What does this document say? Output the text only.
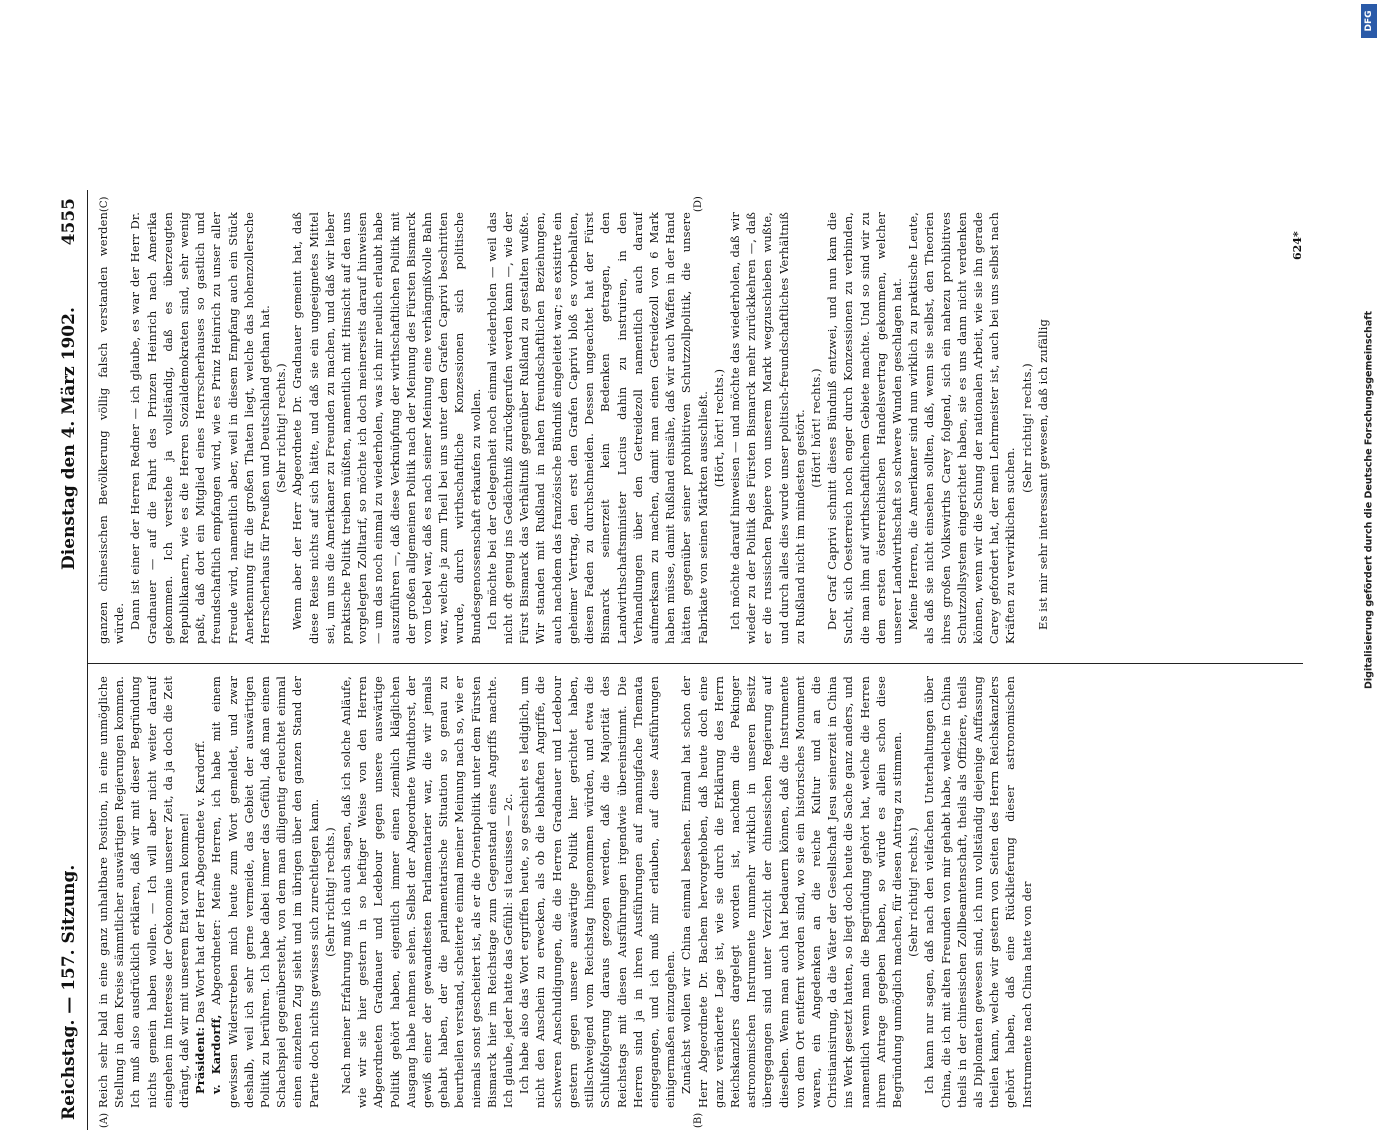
Reichstag. — 157. Sitzung.
Dienstag den 4. März 1902.
4555
(A)	(B)
(C)	(D)

Reich sehr bald in eine ganz unhaltbare Position, in eine unmögliche Stellung in dem Kreise sämmtlicher auswärtigen Regierungen kommen. Ich muß also ausdrücklich erklären, daß wir mit dieser Begründung nichts gemein haben wollen. — Ich will aber nicht weiter darauf eingehen im Interesse der Oekonomie unserer Zeit, da ja doch die Zeit drängt, daß wir mit unserem Etat voran kommen! Präsident: Das Wort hat der Herr Abgeordnete v. Kardorff.

v. Kardorff, Abgeordneter: Meine Herren, ich habe mit einem gewissen Widerstreben mich heute zum Wort gemeldet, und zwar deshalb, weil ich sehr gerne vermeide, das Gebiet der auswärtigen Politik zu berühren. Ich habe dabei immer das Gefühl, daß man einem Schachspiel gegenübersteht, von dem man diligentig erleuchtet einmal einen einzelnen Zug sieht und im übrigen über den ganzen Stand der Partie doch nichts gewisses sich zurechtlegen kann. (Sehr richtig! rechts.) Nach meiner Erfahrung muß ich auch sagen, daß ich solche Anläufe, wie wir sie hier gestern in so heftiger Weise von den Herren Abgeordneten Gradnauer und Ledebour gegen unsere auswärtige Politik gehört haben, eigentlich immer einen ziemlich kläglichen Ausgang habe nehmen sehen. Selbst der Abgeordnete Windthorst, der gewiß einer der gewandtesten Parlamentarier war, die wir jemals gehabt haben, der die parlamentarische Situation so genau zu beurtheilen verstand, scheiterte einmal meiner Meinung nach so, wie er niemals sonst gescheitert ist, als er die Orientpolitik unter dem Fürsten Bismarck hier im Reichstage zum Gegenstand eines Angriffs machte. Ich glaube, jeder hatte das Gefühl: si tacuisses — 2c. Ich habe also das Wort ergriffen heute, so geschieht es lediglich, um nicht den Anschein zu erwecken, als ob die lebhaften Angriffe, die schweren Anschuldigungen, die die Herren Gradnauer und Ledebour gestern gegen unsere auswärtige Politik hier gerichtet haben, stillschweigend vom Reichstag hingenommen würden, und etwa die Schlußfolgerung daraus gezogen werden, daß die Majorität des Reichstags mit diesen Ausführungen irgendwie übereinstimmt. Die Herren sind ja in ihren Ausführungen auf mannigfache Themata eingegangen, und ich muß mir erlauben, auf diese Ausführungen einigermaßen einzugehen. Zunächst wollen wir China einmal besehen. Einmal hat schon der Herr Abgeordnete Dr. Bachem hervorgehoben, daß heute doch eine ganz veränderte Lage ist, wie sie durch die Erklärung des Herrn Reichskanzlers dargelegt worden ist, nachdem die Pekinger astronomischen Instrumente nunmehr wirklich in unseren Besitz übergegangen sind unter Verzicht der chinesischen Regierung auf dieselben. Wenn man auch hat bedauern können, daß die Instrumente von dem Ort entfernt worden sind, wo sie ein historisches Monument waren, ein Angedenken an die reiche Kultur und an die Christianisirung, da die Väter der Gesellschaft Jesu seinerzeit in China ins Werk gesetzt hatten, so liegt doch heute die Sache ganz anders, und namentlich wenn man die Begründung gehört hat, welche die Herren ihrem Antrage gegeben haben, so würde es allein schon diese Begründung unmöglich machen, für diesen Antrag zu stimmen. (Sehr richtig! rechts.) Ich kann nur sagen, daß nach den vielfachen Unterhaltungen über China, die ich mit alten Freunden von mir gehabt habe, welche in China theils in der chinesischen Zollbeamtenschaft, theils als Offiziere, theils als Diplomaten gewesen sind, ich nun vollständig diejenige Auffassung theilen kann, welche wir gestern von Seiten des Herrn Reichskanzlers gehört haben, daß eine Rücklieferung dieser astronomischen Instrumente nach China hatte von der

ganzen chinesischen Bevölkerung völlig falsch verstanden werden würde. Dann ist einer der Herren Redner — ich glaube, es war der Herr Dr. Gradnauer — auf die Fahrt des Prinzen Heinrich nach Amerika gekommen. Ich verstehe ja vollständig, daß es überzeugten Republikanern, wie es die Herren Sozialdemokraten sind, sehr wenig paßt, daß dort ein Mitglied eines Herrscherhauses so gastlich und freundschaftlich empfangen wird, wie es Prinz Heinrich zu unser aller Freude wird, namentlich aber, weil in diesem Empfang auch ein Stück Anerkennung für die großen Thaten liegt, welche das hohenzollersche Herrscherhaus für Preußen und Deutschland gethan hat. (Sehr richtig! rechts.) Wenn aber der Herr Abgeordnete Dr. Gradnauer gemeint hat, daß diese Reise nichts auf sich hätte, und daß sie ein ungeeignetes Mittel sei, um uns die Amerikaner zu Freunden zu machen, und daß wir lieber praktische Politik treiben müßten, namentlich mit Hinsicht auf den uns vorgelegten Zolltarif, so möchte ich doch meinerseits darauf hinweisen — um das noch einmal zu wiederholen, was ich mir neulich erlaubt habe auszuführen —, daß diese Verknüpfung der wirthschaftlichen Politik mit der großen allgemeinen Politik nach der Meinung des Fürsten Bismarck vom Uebel war, daß es nach seiner Meinung eine verhängnißvolle Bahn war, welche ja zum Theil bei uns unter dem Grafen Caprivi beschritten wurde, durch wirthschaftliche Konzessionen sich politische Bundesgenossenschaft erkaufen zu wollen. Ich möchte bei der Gelegenheit noch einmal wiederholen — weil das nicht oft genug ins Gedächtniß zurückgerufen werden kann —, wie der Fürst Bismarck das Verhältniß gegenüber Rußland zu gestalten wußte. Wir standen mit Rußland in nahen freundschaftlichen Beziehungen, auch nachdem das französische Bündniß eingeleitet war; es existirte ein geheimer Vertrag, den erst den Grafen Caprivi bloß es vorbehalten, diesen Faden zu durchschneiden. Dessen ungeachtet hat der Fürst Bismarck seinerzeit kein Bedenken getragen, den Landwirthschaftsminister Lucius dahin zu instruiren, in den Verhandlungen über den Getreidezoll namentlich auch darauf aufmerksam zu machen, damit man einen Getreidezoll von 6 Mark haben müsse, damit Rußland einsähe, daß wir auch Waffen in der Hand hätten gegenüber seiner prohibitiven Schutzzollpolitik, die unsere Fabrikate von seinen Märkten ausschließt. (Hört, hört! rechts.) Ich möchte darauf hinweisen — und möchte das wiederholen, daß wir wieder zu der Politik des Fürsten Bismarck mehr zurückkehren —, daß er die russischen Papiere von unserem Markt wegzuschieben wußte, und durch alles dies wurde unser politisch-freundschaftliches Verhältniß zu Rußland nicht im mindesten gestört. (Hört! hört! rechts.) Der Graf Caprivi schnitt dieses Bündniß entzwei, und nun kam die Sucht, sich Oesterreich noch enger durch Konzessionen zu verbinden, die man ihm auf wirthschaftlichem Gebiete machte. Und so sind wir zu dem ersten österreichischen Handelsvertrag gekommen, welcher unserer Landwirthschaft so schwere Wunden geschlagen hat. Meine Herren, die Amerikaner sind nun wirklich zu praktische Leute, als daß sie nicht einsehen sollten, daß, wenn sie selbst, den Theorien ihres großen Volkswirths Carey folgend, sich ein nahezu prohibitives Schutzzollsystem eingerichtet haben, sie es uns dann nicht verdenken können, wenn wir die Schung der nationalen Arbeit, wie sie ihn gerade Carey gefordert hat, der mein Lehrmeister ist, auch bei uns selbst nach Kräften zu verwirklichen suchen.

(Sehr richtig! rechts.) Es ist mir sehr interessant gewesen, daß ich zufällig

624*
DFG
Digitalisierung gefördert durch die Deutsche Forschungsgemeinschaft
